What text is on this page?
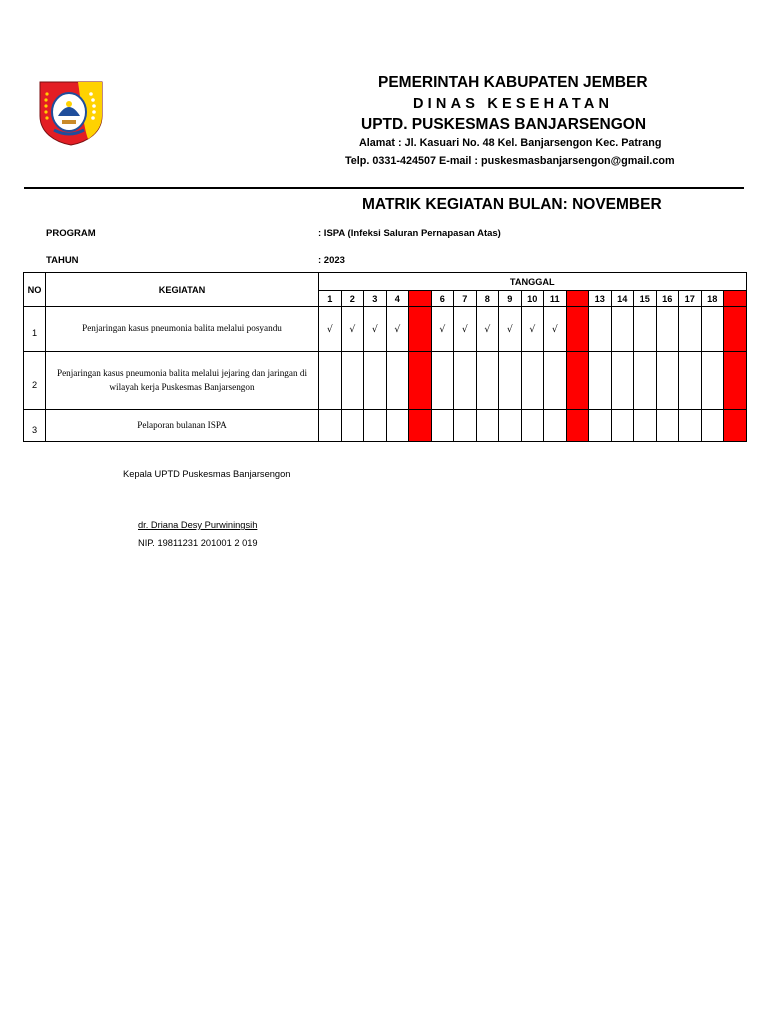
PEMERINTAH KABUPATEN JEMBER
DINAS KESEHATAN
UPTD. PUSKESMAS BANJARSENGON
Alamat : Jl. Kasuari No. 48 Kel. Banjarsengon Kec. Patrang
Telp. 0331-424507 E-mail : puskesmasbanjarsengon@gmail.com
MATRIK KEGIATAN BULAN: NOVEMBER
PROGRAM	: ISPA (Infeksi Saluran Pernapasan Atas)
TAHUN	: 2023
NO	KEGIATAN	TANGGAL																		
		1	2	3	4	5	6	7	8	9	10	11	12	13	14	15	16	17	18	19
1	Penjaringan kasus pneumonia balita melalui posyandu	√	√	√	√		√	√	√	√	√	√								
2	Penjaringan kasus pneumonia balita melalui jejaring dan jaringan di wilayah kerja Puskesmas Banjarsengon																			
3	Pelaporan bulanan ISPA																			
Kepala UPTD Puskesmas Banjarsengon
dr. Driana Desy Purwiningsih
NIP. 19811231 201001 2 019
